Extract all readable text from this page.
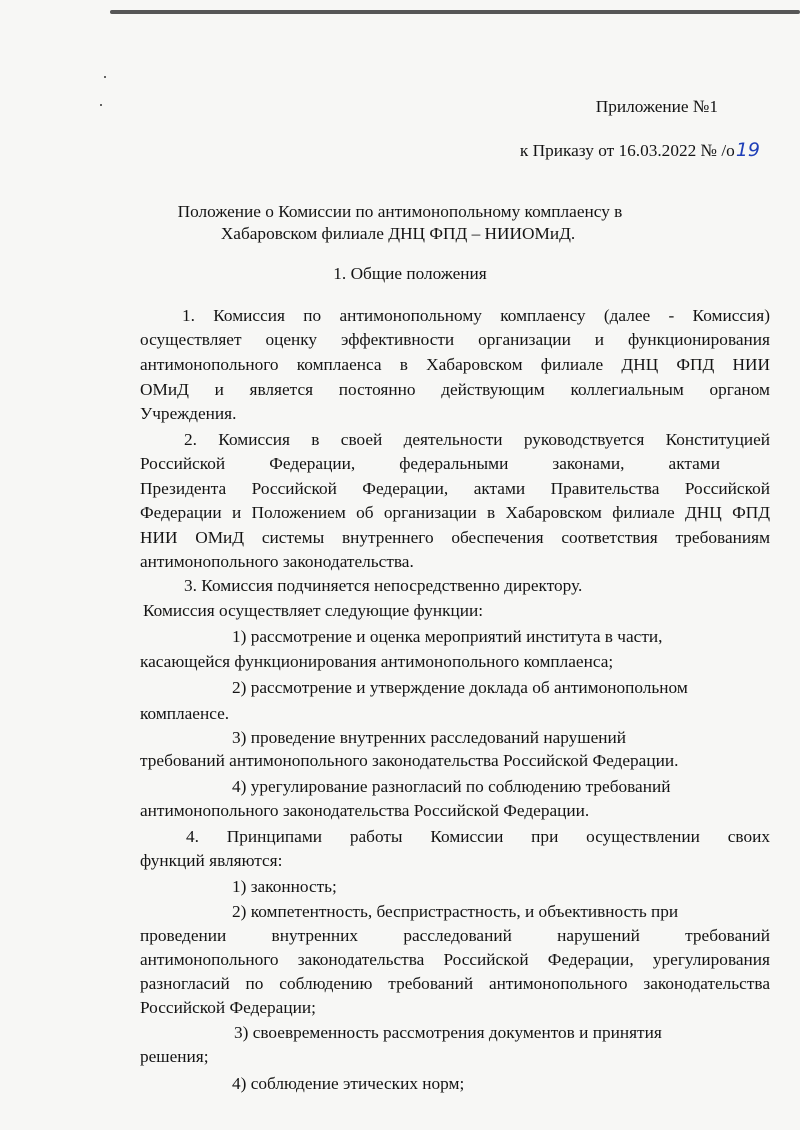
Приложение №1

к Приказу от 16.03.2022 № /о19

Положение о Комиссии по антимонопольному комплаенсу в

Хабаровском филиале ДНЦ ФПД – НИИОМиД.

1. Общие положения

1. Комиссия по антимонопольному комплаенсу (далее - Комиссия)

осуществляет оценку эффективности организации и функционирования

антимонопольного комплаенса в Хабаровском филиале ДНЦ ФПД НИИ

ОМиД и является постоянно действующим коллегиальным органом

Учреждения.

2. Комиссия в своей деятельности руководствуется Конституцией

Российской Федерации, федеральными законами, актами

Президента Российской Федерации, актами Правительства Российской

Федерации и Положением об организации в Хабаровском филиале ДНЦ ФПД

НИИ ОМиД системы внутреннего обеспечения соответствия требованиям

антимонопольного законодательства.

3. Комиссия подчиняется непосредственно директору.

Комиссия осуществляет следующие функции:

1) рассмотрение и оценка мероприятий института в части,

касающейся функционирования антимонопольного комплаенса;

2) рассмотрение и утверждение доклада об антимонопольном

комплаенсе.

3) проведение внутренних расследований нарушений

требований антимонопольного законодательства Российской Федерации.

4) урегулирование разногласий по соблюдению требований

антимонопольного законодательства Российской Федерации.

4. Принципами работы Комиссии при осуществлении своих

функций являются:

1) законность;

2) компетентность, беспристрастность, и объективность при

проведении внутренних расследований нарушений требований

антимонопольного законодательства Российской Федерации, урегулирования

разногласий по соблюдению требований антимонопольного законодательства

Российской Федерации;

3) своевременность рассмотрения документов и принятия

решения;

4) соблюдение этических норм;
